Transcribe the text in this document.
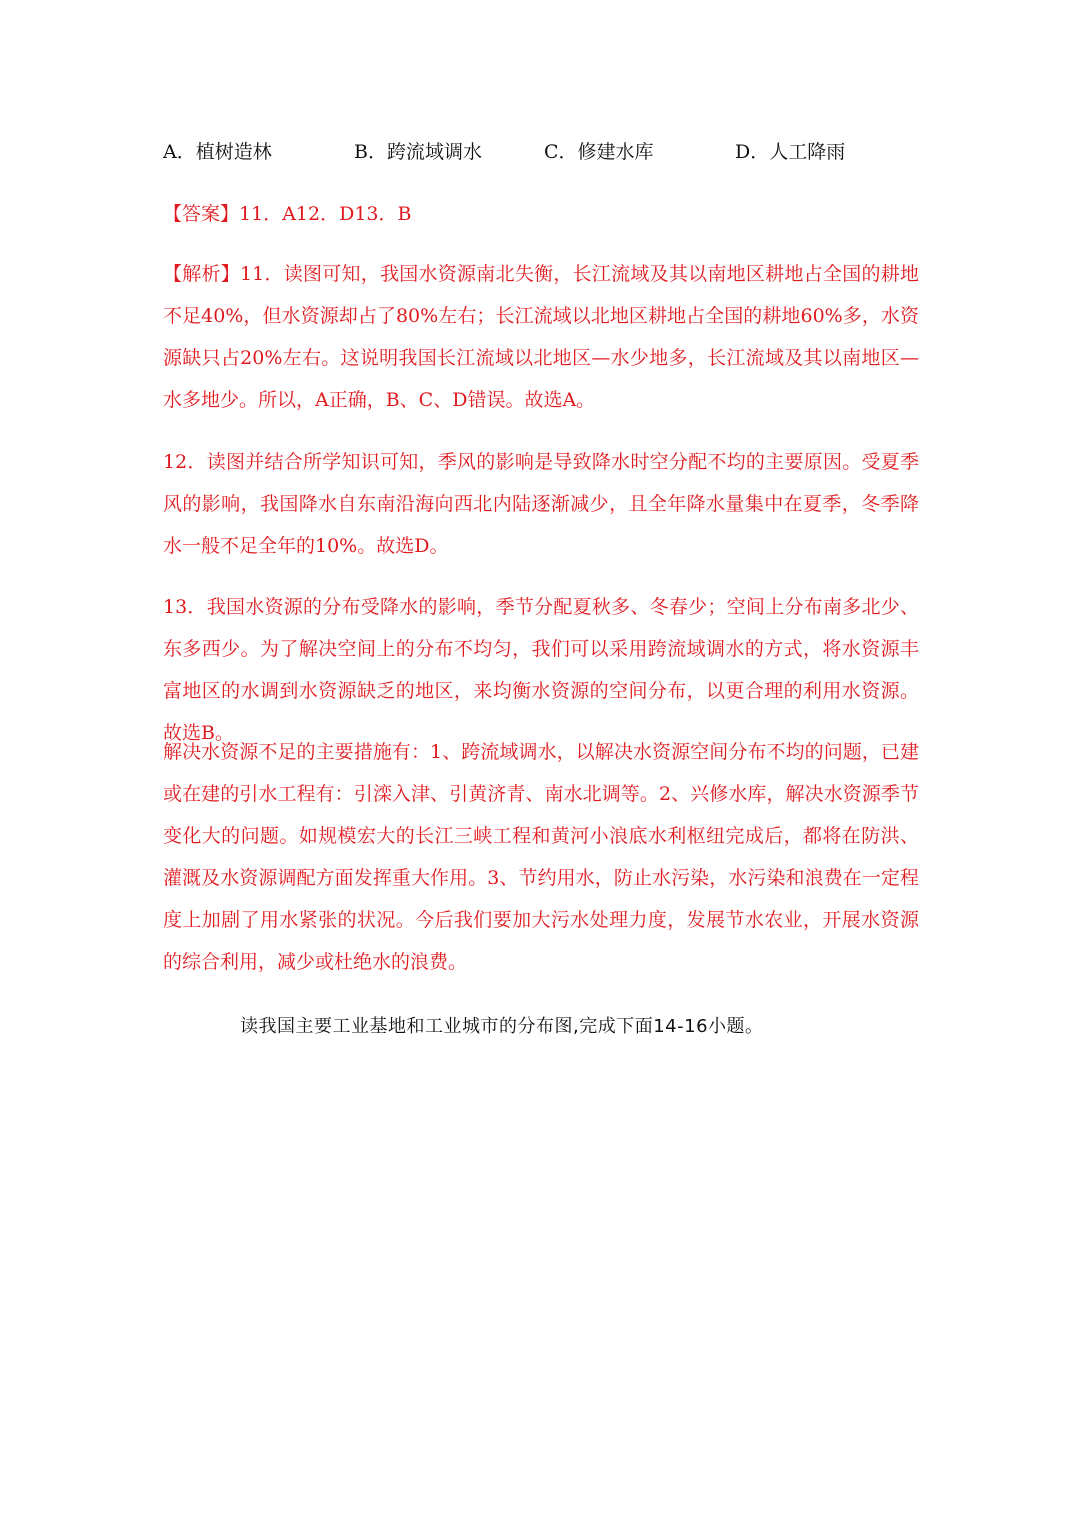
A．植树造林	B．跨流域调水	C．修建水库	D．人工降雨
【答案】11．A12．D13．B
【解析】11．读图可知，我国水资源南北失衡，长江流域及其以南地区耕地占全国的耕地不足40%，但水资源却占了80%左右；长江流域以北地区耕地占全国的耕地60%多，水资源缺只占20%左右。这说明我国长江流域以北地区—水少地多，长江流域及其以南地区—水多地少。所以，A正确，B、C、D错误。故选A。
12．读图并结合所学知识可知，季风的影响是导致降水时空分配不均的主要原因。受夏季风的影响，我国降水自东南沿海向西北内陆逐渐减少，且全年降水量集中在夏季，冬季降水一般不足全年的10%。故选D。
13．我国水资源的分布受降水的影响，季节分配夏秋多、冬春少；空间上分布南多北少、东多西少。为了解决空间上的分布不均匀，我们可以采用跨流域调水的方式，将水资源丰富地区的水调到水资源缺乏的地区，来均衡水资源的空间分布，以更合理的利用水资源。故选B。
解决水资源不足的主要措施有：1、跨流域调水，以解决水资源空间分布不均的问题，已建或在建的引水工程有：引滦入津、引黄济青、南水北调等。2、兴修水库，解决水资源季节变化大的问题。如规模宏大的长江三峡工程和黄河小浪底水利枢纽完成后，都将在防洪、灌溉及水资源调配方面发挥重大作用。3、节约用水，防止水污染，水污染和浪费在一定程度上加剧了用水紧张的状况。今后我们要加大污水处理力度，发展节水农业，开展水资源的综合利用，减少或杜绝水的浪费。
读我国主要工业基地和工业城市的分布图,完成下面14-16小题。
